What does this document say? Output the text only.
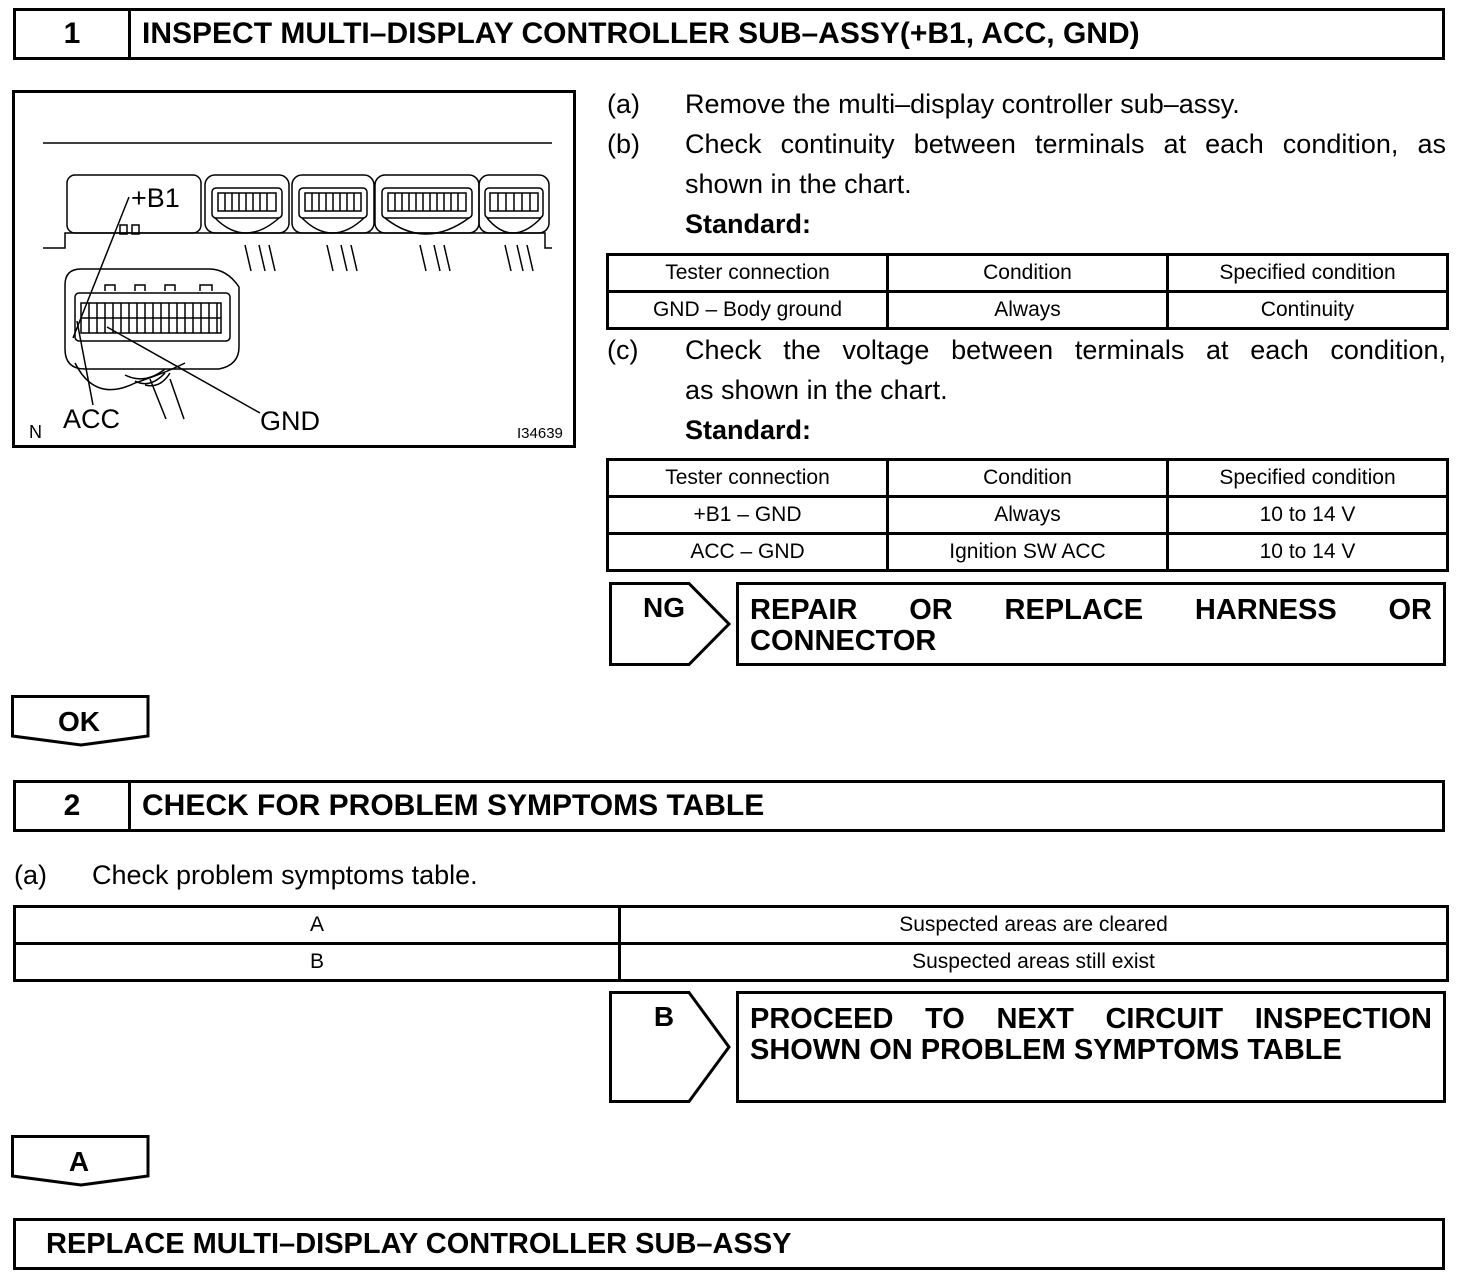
1	INSPECT MULTI–DISPLAY CONTROLLER SUB–ASSY(+B1, ACC, GND)
+B1
ACC	GND
N	I34639
(a) Remove the multi–display controller sub–assy.
(b) Check continuity between terminals at each condition, as
shown in the chart.
Standard:
Tester connection	Condition	Specified condition
GND – Body ground	Always	Continuity
(c) Check the voltage between terminals at each condition,
as shown in the chart.
Standard:
Tester connection	Condition	Specified condition
+B1 – GND	Always	10 to 14 V
ACC – GND	Ignition SW ACC	10 to 14 V
NG	REPAIR OR REPLACE HARNESS OR CONNECTOR
OK
2	CHECK FOR PROBLEM SYMPTOMS TABLE
(a) Check problem symptoms table.
A	Suspected areas are cleared
B	Suspected areas still exist
B	PROCEED TO NEXT CIRCUIT INSPECTION SHOWN ON PROBLEM SYMPTOMS TABLE
A
REPLACE MULTI–DISPLAY CONTROLLER SUB–ASSY
